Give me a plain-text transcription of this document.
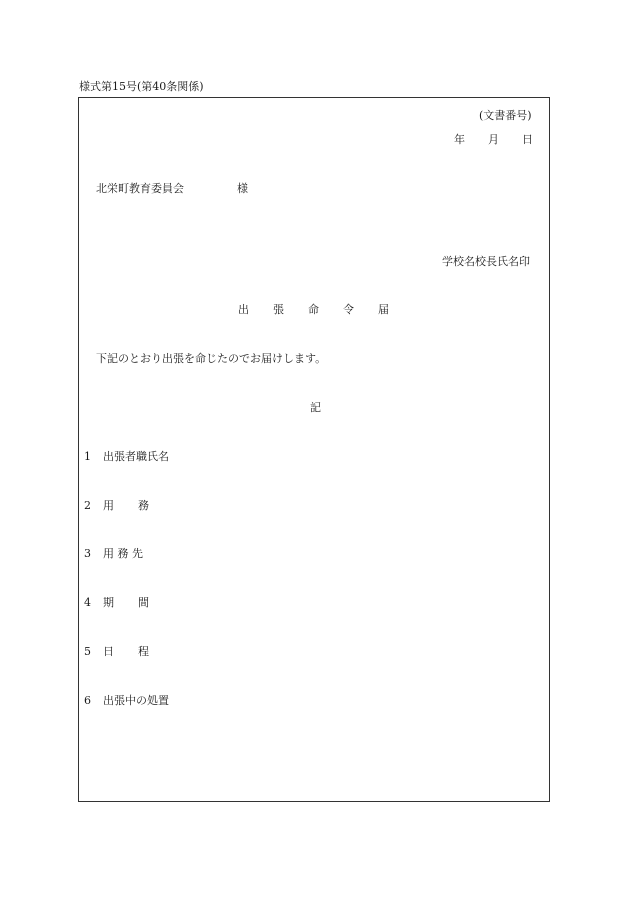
様式第15号(第40条関係)
(文書番号)
年 月 日
北栄町教育委員会	様
学校名校長氏名印
出 張 命 令 届
下記のとおり出張を命じたのでお届けします。
記
1 出張者職氏名
2 用 務
3 用 務 先
4 期 間
5 日 程
6 出張中の処置
